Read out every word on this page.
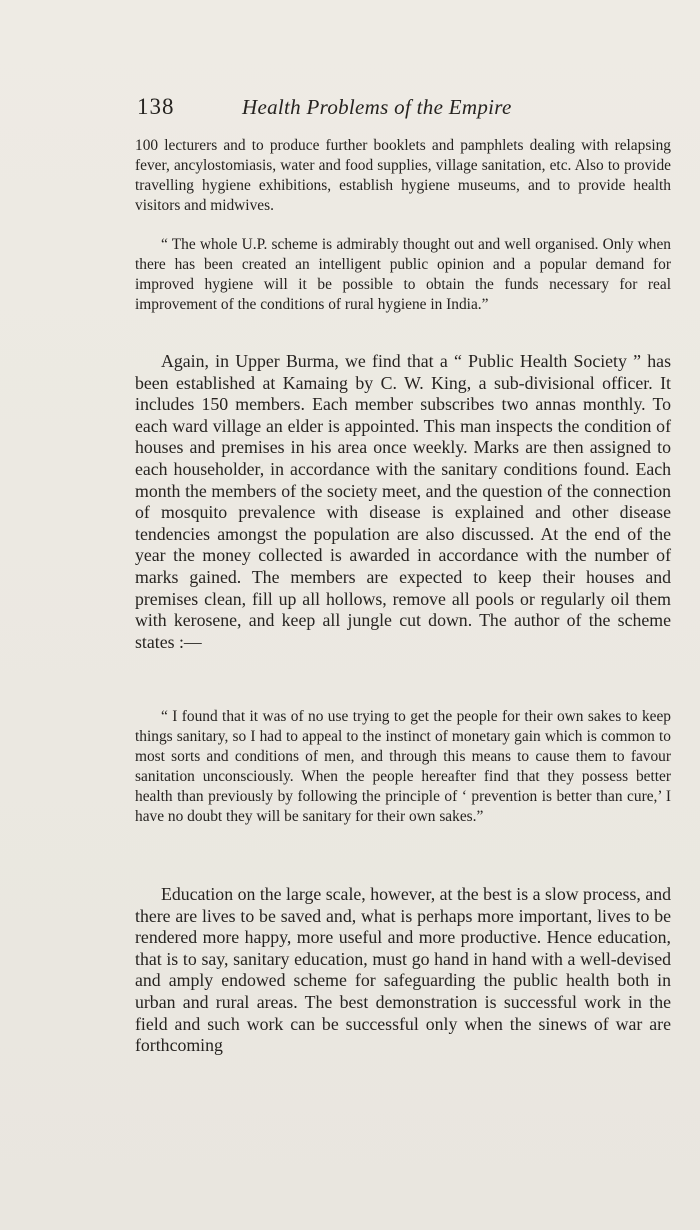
138	Health Problems of the Empire

100 lecturers and to produce further booklets and pamphlets dealing with relapsing fever, ancylostomiasis, water and food supplies, village sanitation, etc. Also to provide travelling hygiene exhibitions, establish hygiene museums, and to provide health visitors and midwives.

“ The whole U.P. scheme is admirably thought out and well organised. Only when there has been created an intelligent public opinion and a popular demand for improved hygiene will it be possible to obtain the funds necessary for real improvement of the conditions of rural hygiene in India.”

Again, in Upper Burma, we find that a “ Public Health Society ” has been established at Kamaing by C. W. King, a sub-divisional officer. It includes 150 members. Each member subscribes two annas monthly. To each ward village an elder is appointed. This man inspects the condition of houses and premises in his area once weekly. Marks are then assigned to each householder, in accordance with the sanitary conditions found. Each month the members of the society meet, and the question of the connection of mosquito prevalence with disease is explained and other disease tendencies amongst the population are also discussed. At the end of the year the money collected is awarded in accordance with the number of marks gained. The members are expected to keep their houses and premises clean, fill up all hollows, remove all pools or regularly oil them with kerosene, and keep all jungle cut down. The author of the scheme states :—

“ I found that it was of no use trying to get the people for their own sakes to keep things sanitary, so I had to appeal to the instinct of monetary gain which is common to most sorts and conditions of men, and through this means to cause them to favour sanitation unconsciously. When the people hereafter find that they possess better health than previously by following the principle of ‘ prevention is better than cure,’ I have no doubt they will be sanitary for their own sakes.”

Education on the large scale, however, at the best is a slow process, and there are lives to be saved and, what is perhaps more important, lives to be rendered more happy, more useful and more productive. Hence education, that is to say, sanitary education, must go hand in hand with a well-devised and amply endowed scheme for safeguarding the public health both in urban and rural areas. The best demonstration is successful work in the field and such work can be successful only when the sinews of war are forthcoming
